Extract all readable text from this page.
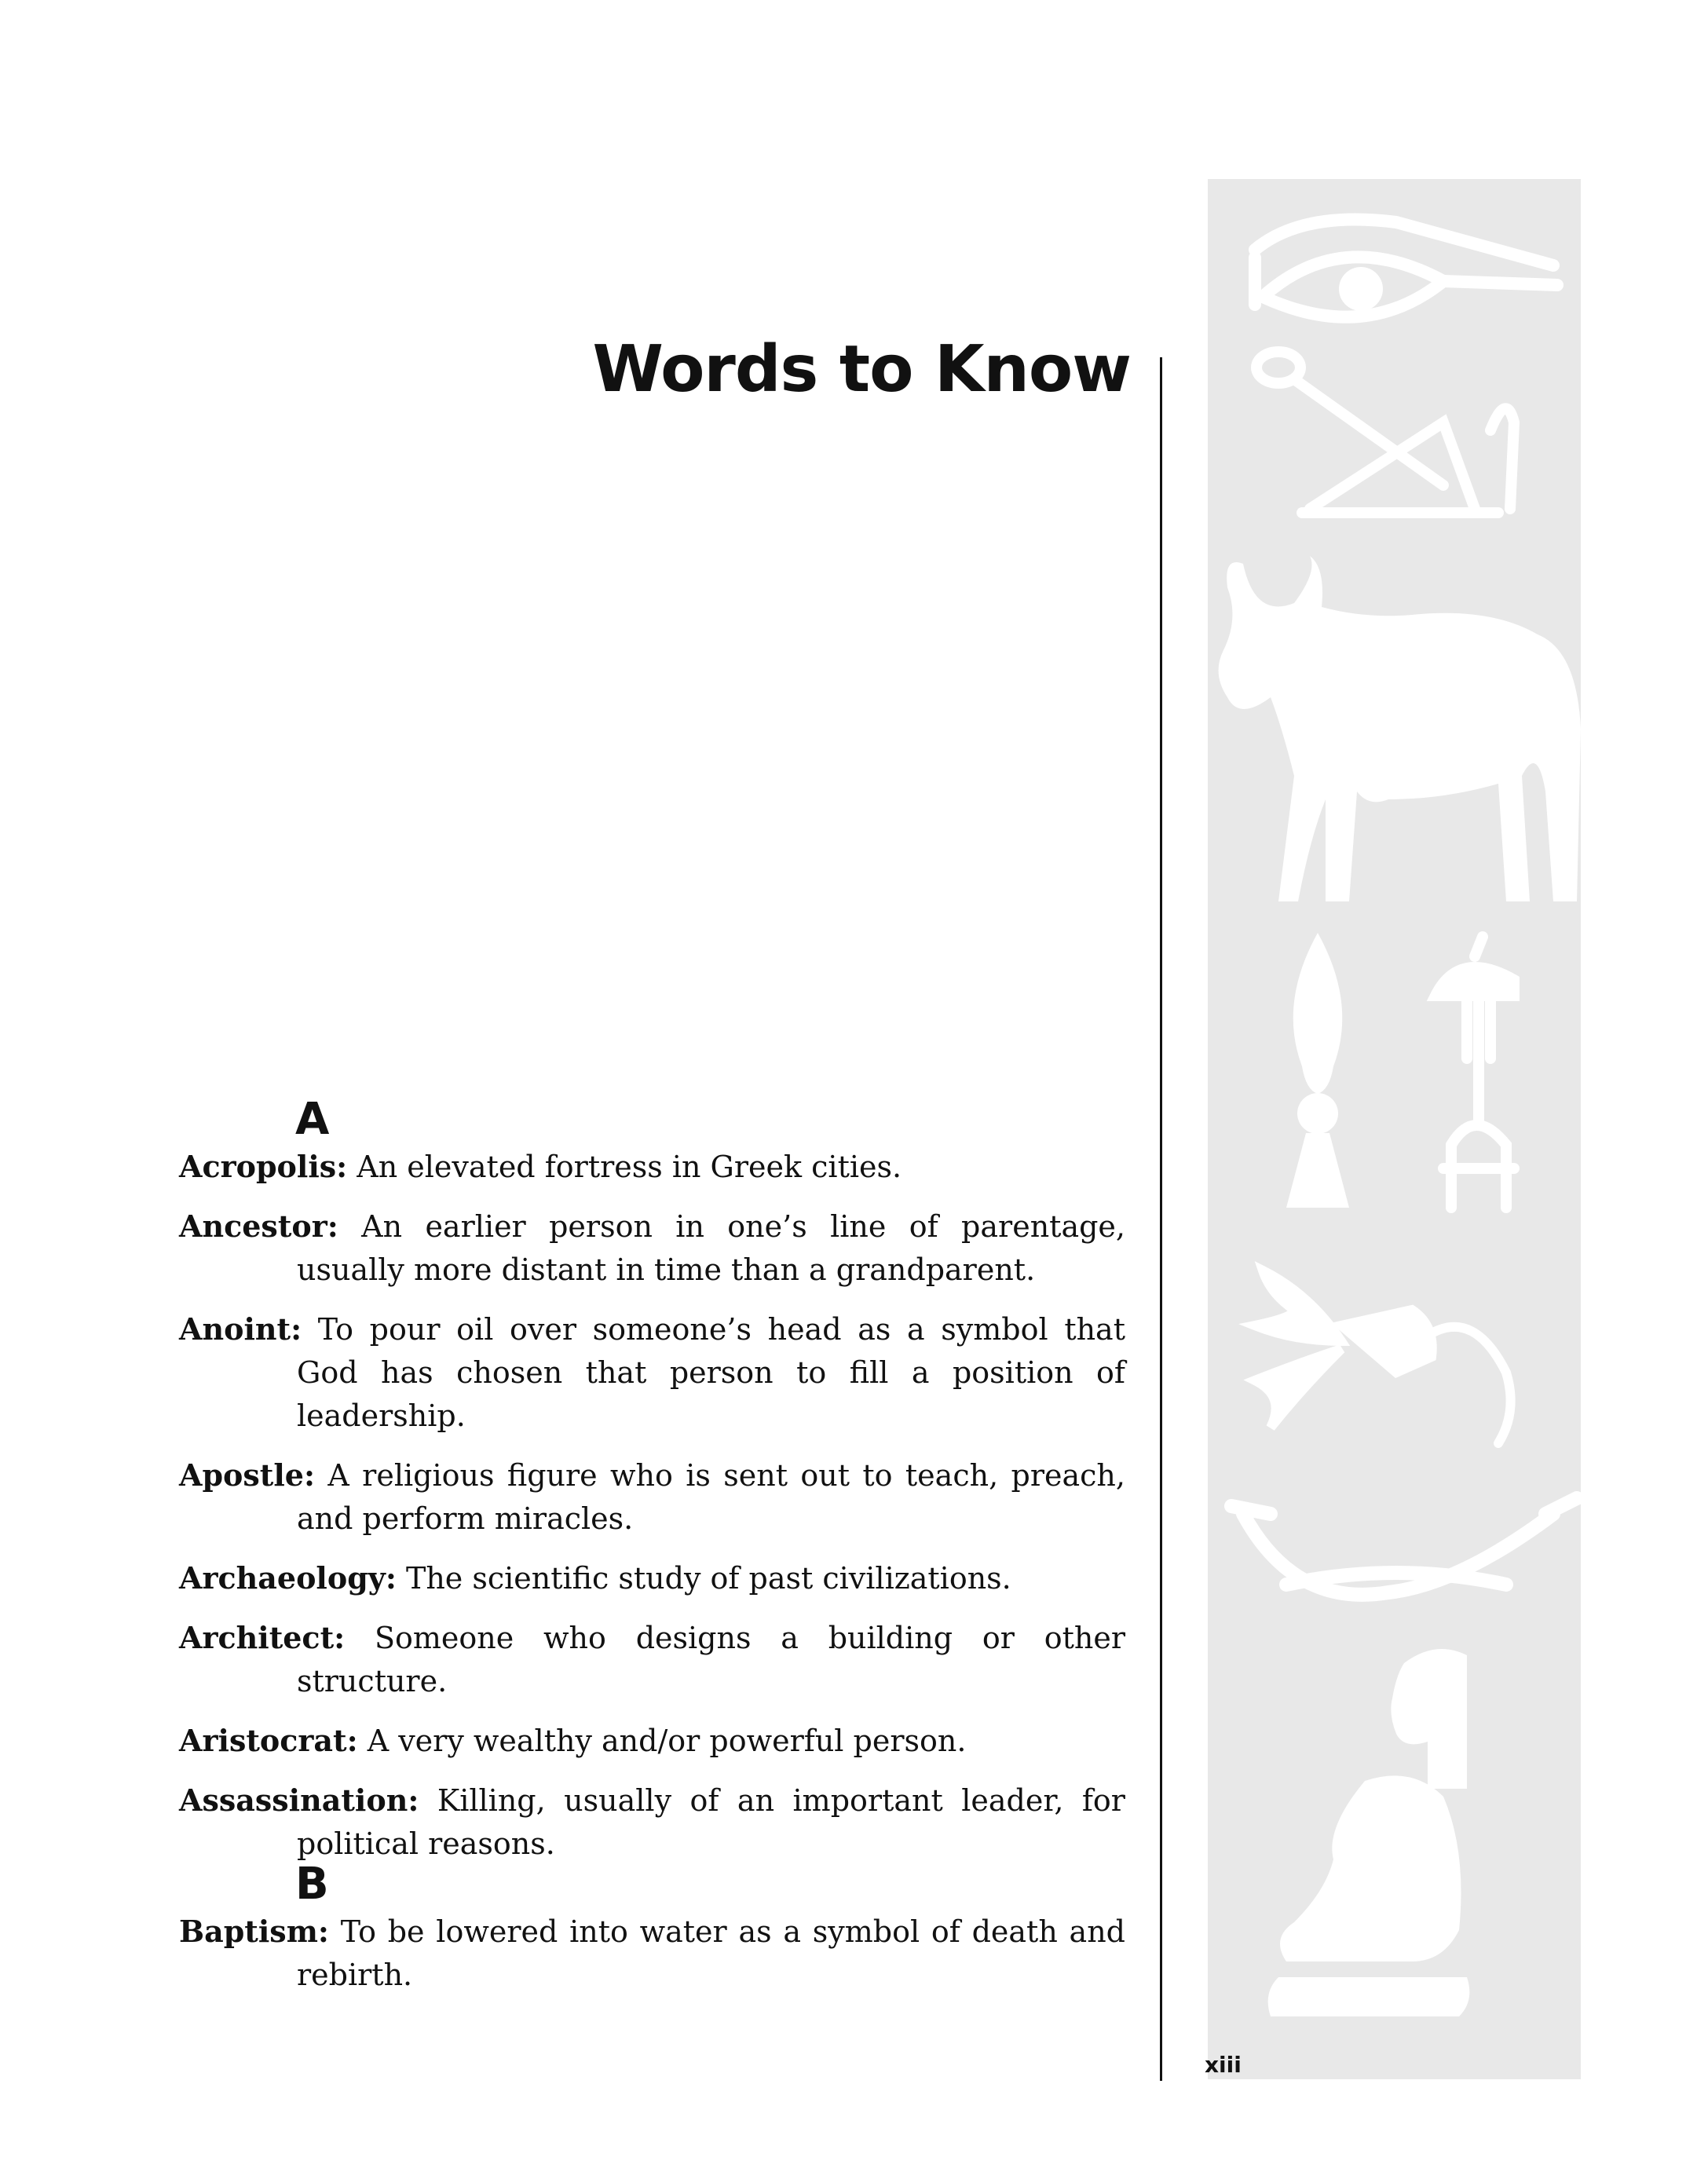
Words to Know

xiii

A
Acropolis: An elevated fortress in Greek cities.
Ancestor: An earlier person in one’s line of parentage, usually more distant in time than a grandparent.
Anoint: To pour oil over someone’s head as a symbol that God has chosen that person to fill a position of leadership.
Apostle: A religious figure who is sent out to teach, preach, and perform miracles.
Archaeology: The scientific study of past civilizations.
Architect: Someone who designs a building or other structure.
Aristocrat: A very wealthy and/or powerful person.
Assassination: Killing, usually of an important leader, for political reasons.
B
Baptism: To be lowered into water as a symbol of death and rebirth.
